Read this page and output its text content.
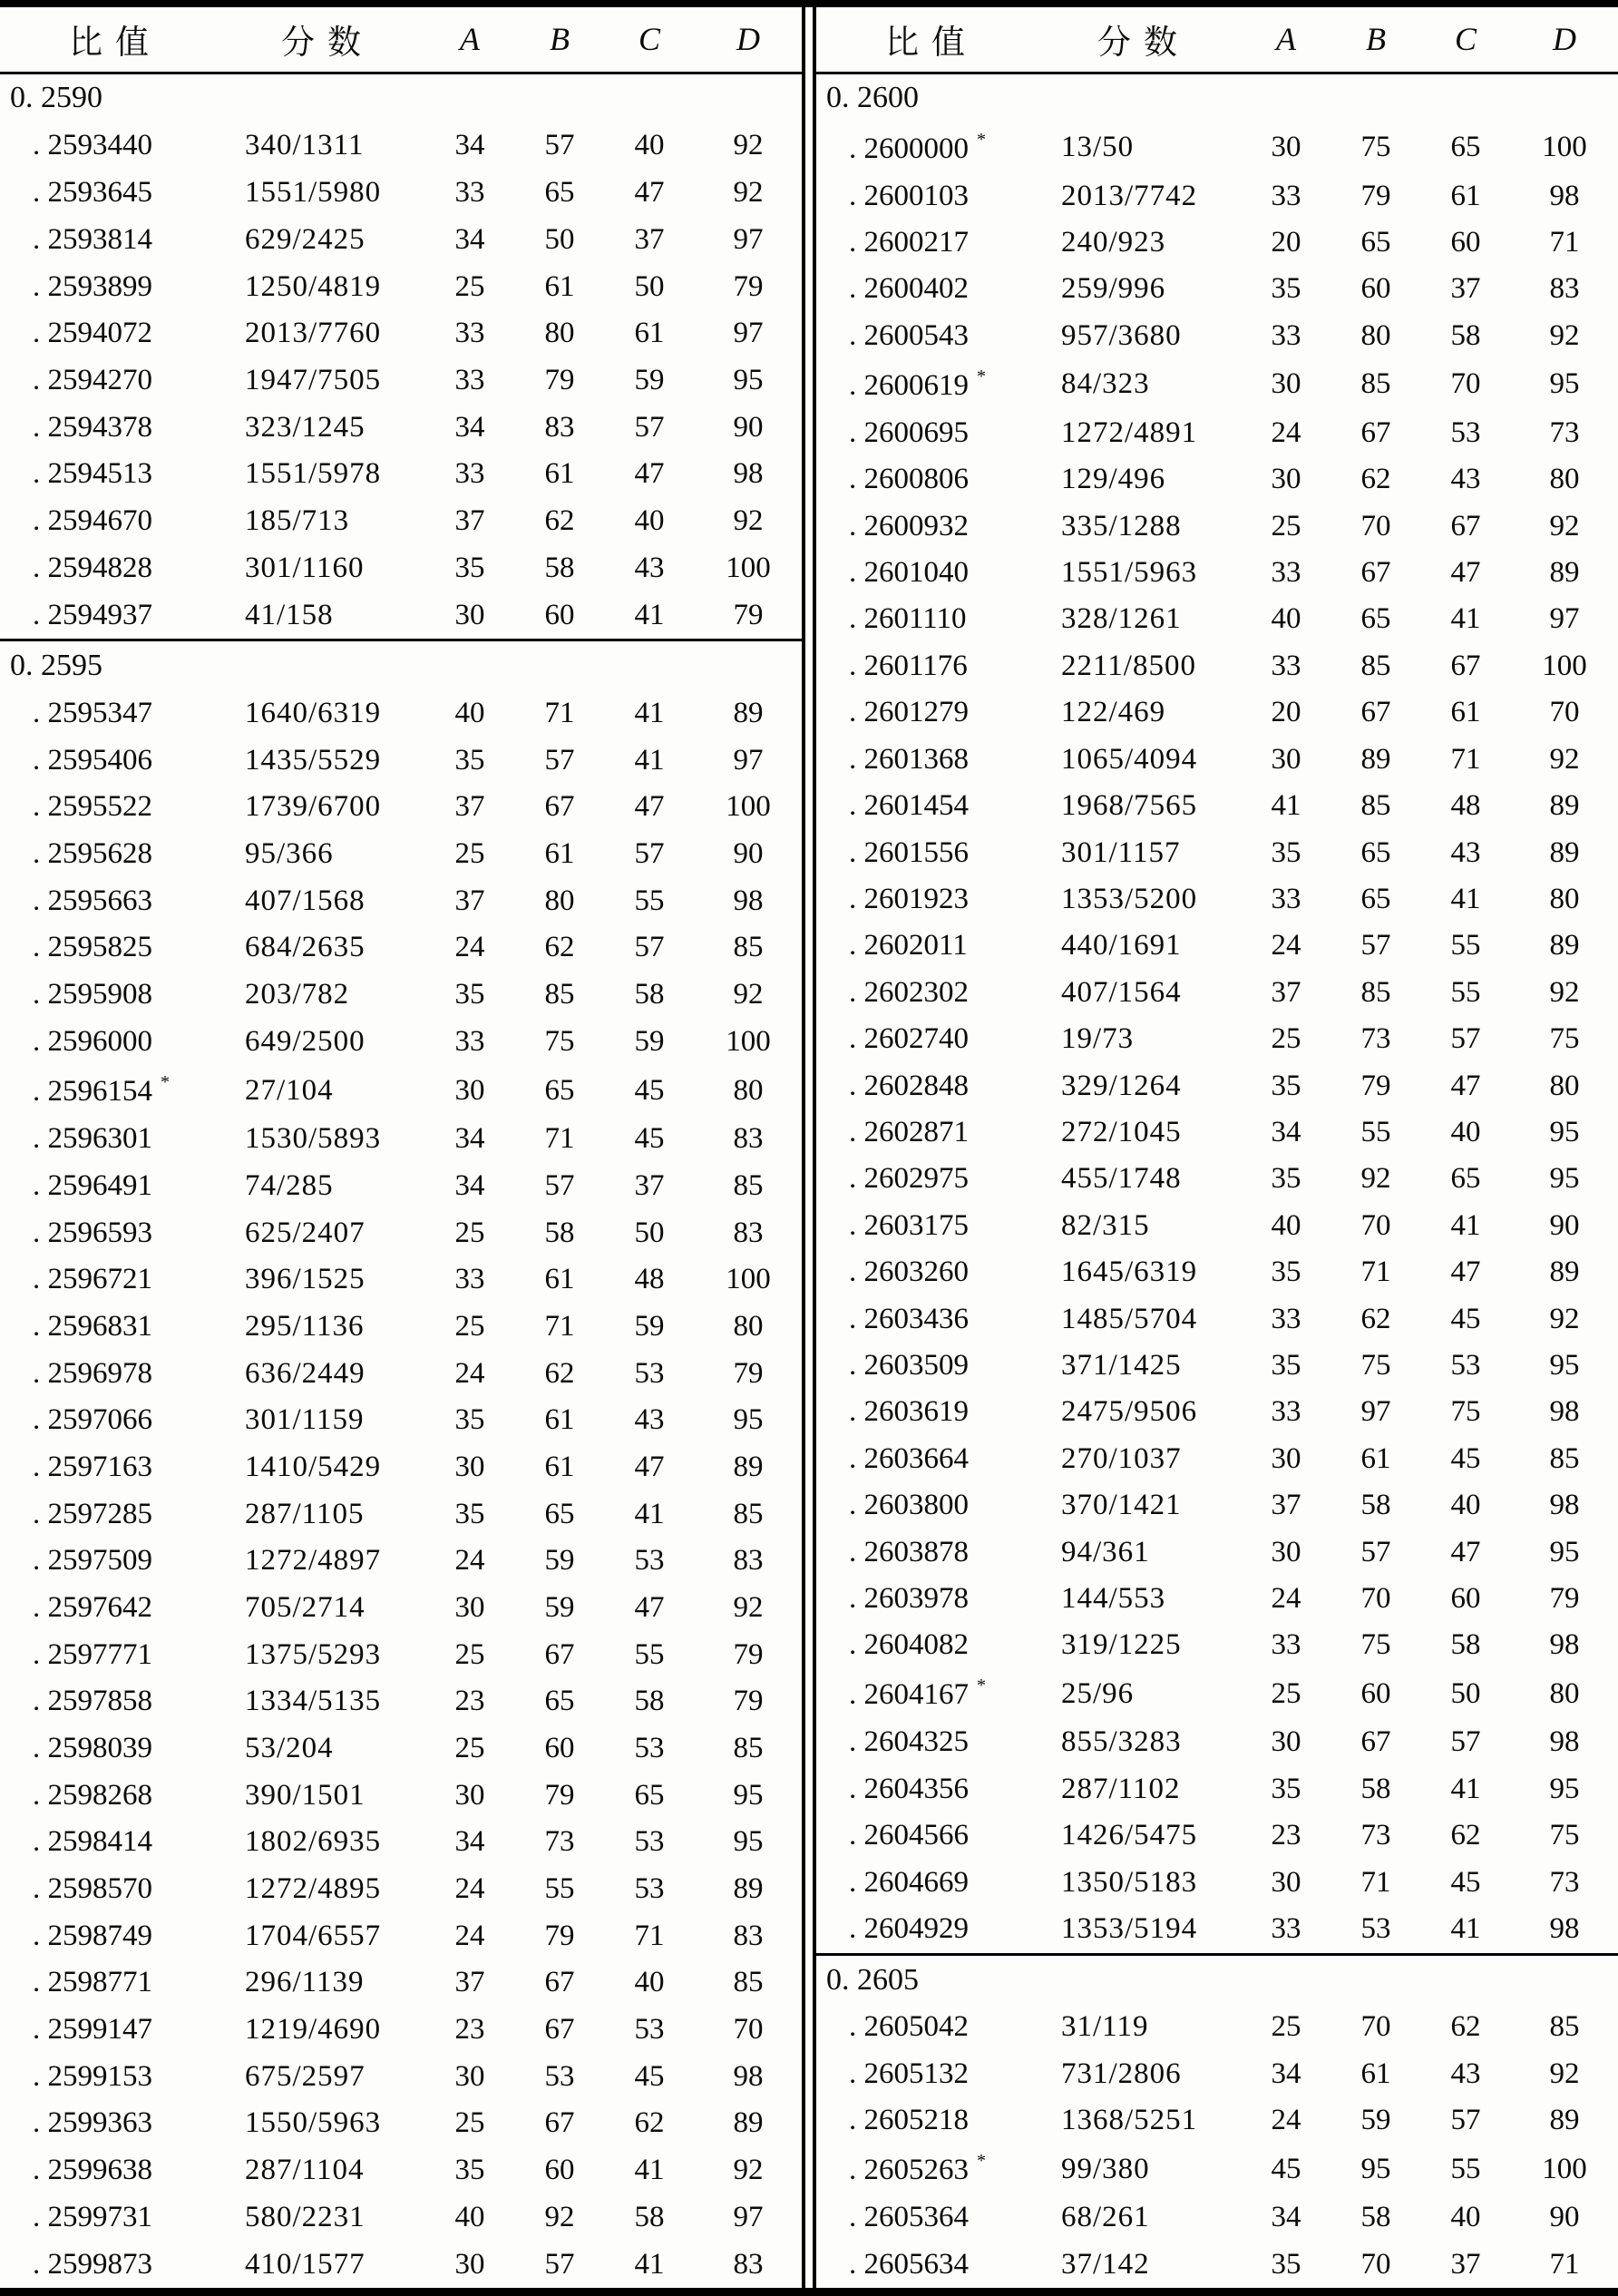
比值	分数	A	B	C	D
0. 2590					
. 2593440	340/1311	34	57	40	92
. 2593645	1551/5980	33	65	47	92
. 2593814	629/2425	34	50	37	97
. 2593899	1250/4819	25	61	50	79
. 2594072	2013/7760	33	80	61	97
. 2594270	1947/7505	33	79	59	95
. 2594378	323/1245	34	83	57	90
. 2594513	1551/5978	33	61	47	98
. 2594670	185/713	37	62	40	92
. 2594828	301/1160	35	58	43	100
. 2594937	41/158	30	60	41	79
0. 2595					
. 2595347	1640/6319	40	71	41	89
. 2595406	1435/5529	35	57	41	97
. 2595522	1739/6700	37	67	47	100
. 2595628	95/366	25	61	57	90
. 2595663	407/1568	37	80	55	98
. 2595825	684/2635	24	62	57	85
. 2595908	203/782	35	85	58	92
. 2596000	649/2500	33	75	59	100
. 2596154 *	27/104	30	65	45	80
. 2596301	1530/5893	34	71	45	83
. 2596491	74/285	34	57	37	85
. 2596593	625/2407	25	58	50	83
. 2596721	396/1525	33	61	48	100
. 2596831	295/1136	25	71	59	80
. 2596978	636/2449	24	62	53	79
. 2597066	301/1159	35	61	43	95
. 2597163	1410/5429	30	61	47	89
. 2597285	287/1105	35	65	41	85
. 2597509	1272/4897	24	59	53	83
. 2597642	705/2714	30	59	47	92
. 2597771	1375/5293	25	67	55	79
. 2597858	1334/5135	23	65	58	79
. 2598039	53/204	25	60	53	85
. 2598268	390/1501	30	79	65	95
. 2598414	1802/6935	34	73	53	95
. 2598570	1272/4895	24	55	53	89
. 2598749	1704/6557	24	79	71	83
. 2598771	296/1139	37	67	40	85
. 2599147	1219/4690	23	67	53	70
. 2599153	675/2597	30	53	45	98
. 2599363	1550/5963	25	67	62	89
. 2599638	287/1104	35	60	41	92
. 2599731	580/2231	40	92	58	97
. 2599873	410/1577	30	57	41	83
比值	分数	A	B	C	D
0. 2600					
. 2600000 *	13/50	30	75	65	100
. 2600103	2013/7742	33	79	61	98
. 2600217	240/923	20	65	60	71
. 2600402	259/996	35	60	37	83
. 2600543	957/3680	33	80	58	92
. 2600619 *	84/323	30	85	70	95
. 2600695	1272/4891	24	67	53	73
. 2600806	129/496	30	62	43	80
. 2600932	335/1288	25	70	67	92
. 2601040	1551/5963	33	67	47	89
. 2601110	328/1261	40	65	41	97
. 2601176	2211/8500	33	85	67	100
. 2601279	122/469	20	67	61	70
. 2601368	1065/4094	30	89	71	92
. 2601454	1968/7565	41	85	48	89
. 2601556	301/1157	35	65	43	89
. 2601923	1353/5200	33	65	41	80
. 2602011	440/1691	24	57	55	89
. 2602302	407/1564	37	85	55	92
. 2602740	19/73	25	73	57	75
. 2602848	329/1264	35	79	47	80
. 2602871	272/1045	34	55	40	95
. 2602975	455/1748	35	92	65	95
. 2603175	82/315	40	70	41	90
. 2603260	1645/6319	35	71	47	89
. 2603436	1485/5704	33	62	45	92
. 2603509	371/1425	35	75	53	95
. 2603619	2475/9506	33	97	75	98
. 2603664	270/1037	30	61	45	85
. 2603800	370/1421	37	58	40	98
. 2603878	94/361	30	57	47	95
. 2603978	144/553	24	70	60	79
. 2604082	319/1225	33	75	58	98
. 2604167 *	25/96	25	60	50	80
. 2604325	855/3283	30	67	57	98
. 2604356	287/1102	35	58	41	95
. 2604566	1426/5475	23	73	62	75
. 2604669	1350/5183	30	71	45	73
. 2604929	1353/5194	33	53	41	98
0. 2605					
. 2605042	31/119	25	70	62	85
. 2605132	731/2806	34	61	43	92
. 2605218	1368/5251	24	59	57	89
. 2605263 *	99/380	45	95	55	100
. 2605364	68/261	34	58	40	90
. 2605634	37/142	35	70	37	71
